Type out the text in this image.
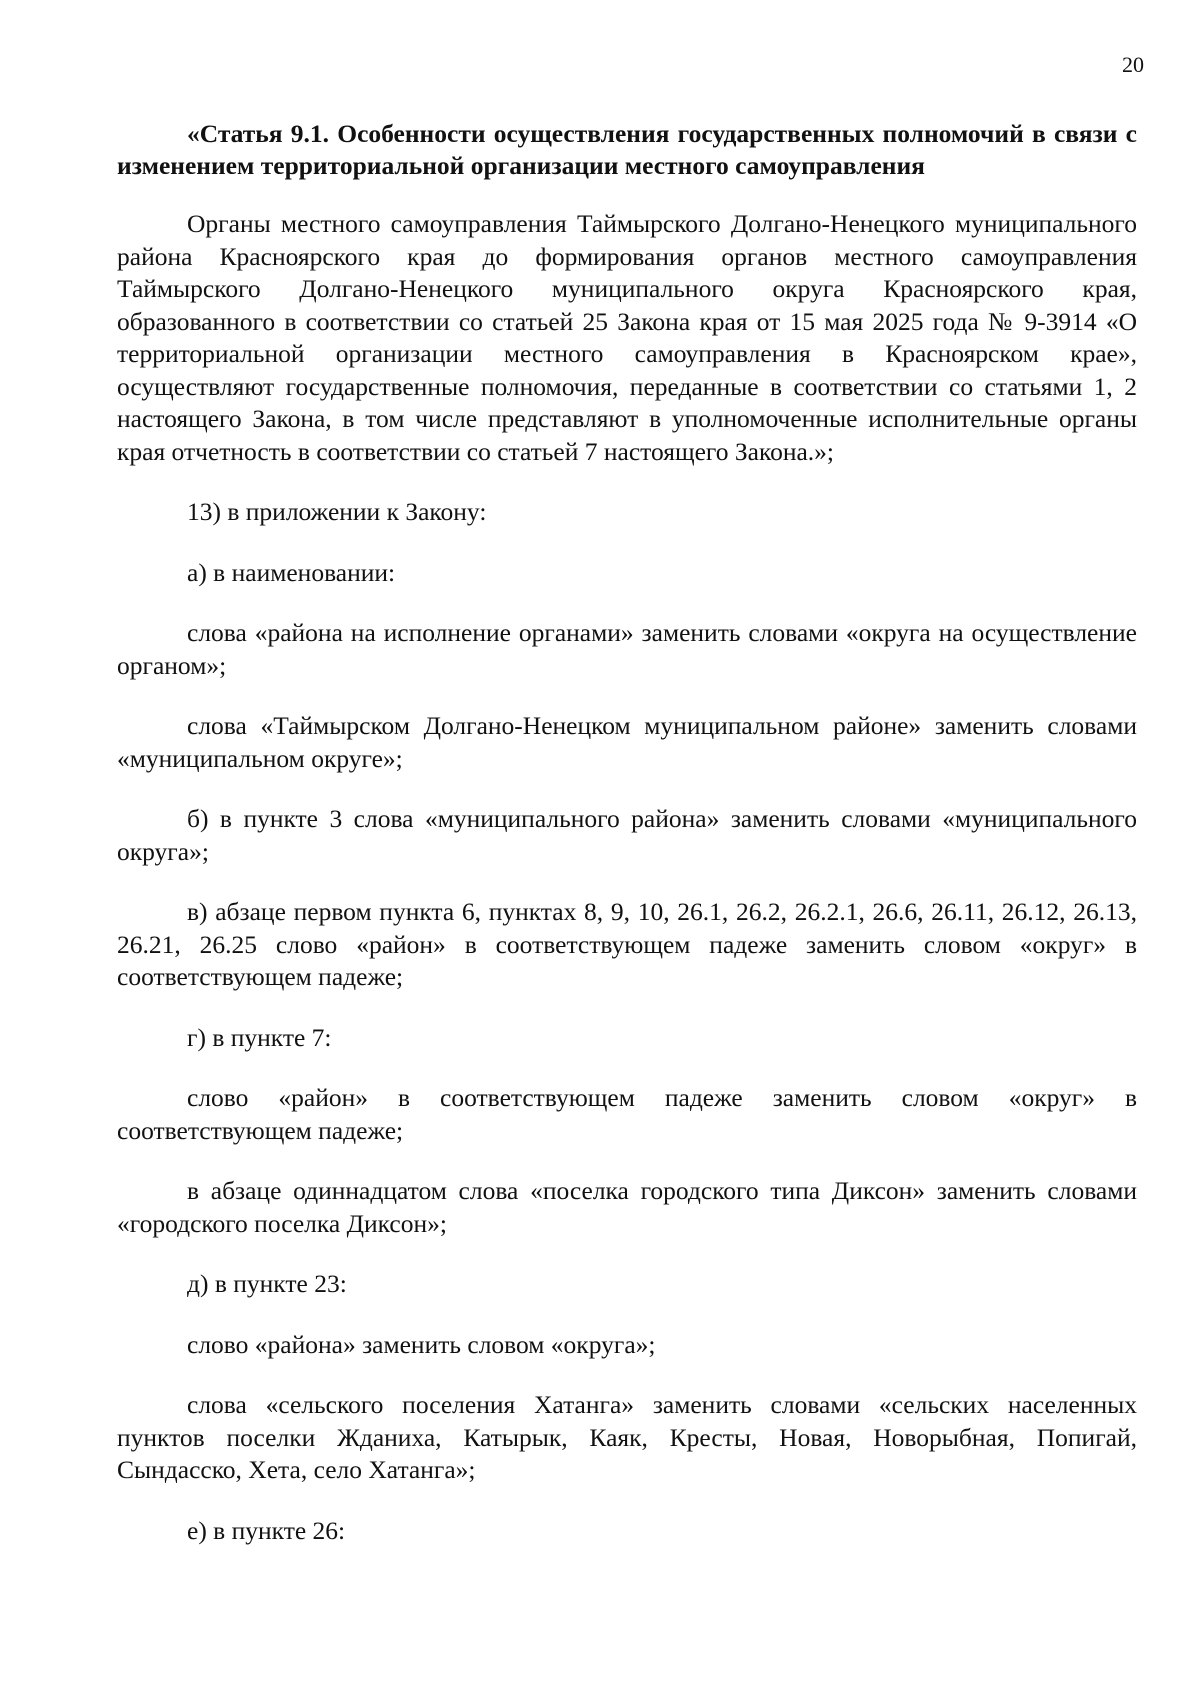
20

«Статья 9.1. Особенности осуществления государственных полномочий в связи с изменением территориальной организации местного самоуправления

Органы местного самоуправления Таймырского Долгано-Ненецкого муниципального района Красноярского края до формирования органов местного самоуправления Таймырского Долгано-Ненецкого муниципального округа Красноярского края, образованного в соответствии со статьей 25 Закона края от 15 мая 2025 года № 9-3914 «О территориальной организации местного самоуправления в Красноярском крае», осуществляют государственные полномочия, переданные в соответствии со статьями 1, 2 настоящего Закона, в том числе представляют в уполномоченные исполнительные органы края отчетность в соответствии со статьей 7 настоящего Закона.»;

13) в приложении к Закону:

а) в наименовании:

слова «района на исполнение органами» заменить словами «округа на осуществление органом»;

слова «Таймырском Долгано-Ненецком муниципальном районе» заменить словами «муниципальном округе»;

б) в пункте 3 слова «муниципального района» заменить словами «муниципального округа»;

в) абзаце первом пункта 6, пунктах 8, 9, 10, 26.1, 26.2, 26.2.1, 26.6, 26.11, 26.12, 26.13, 26.21, 26.25 слово «район» в соответствующем падеже заменить словом «округ» в соответствующем падеже;

г) в пункте 7:

слово «район» в соответствующем падеже заменить словом «округ» в соответствующем падеже;

в абзаце одиннадцатом слова «поселка городского типа Диксон» заменить словами «городского поселка Диксон»;

д) в пункте 23:

слово «района» заменить словом «округа»;

слова «сельского поселения Хатанга» заменить словами «сельских населенных пунктов поселки Жданиха, Катырык, Каяк, Кресты, Новая, Новорыбная, Попигай, Сындасско, Хета, село Хатанга»;

е) в пункте 26:
